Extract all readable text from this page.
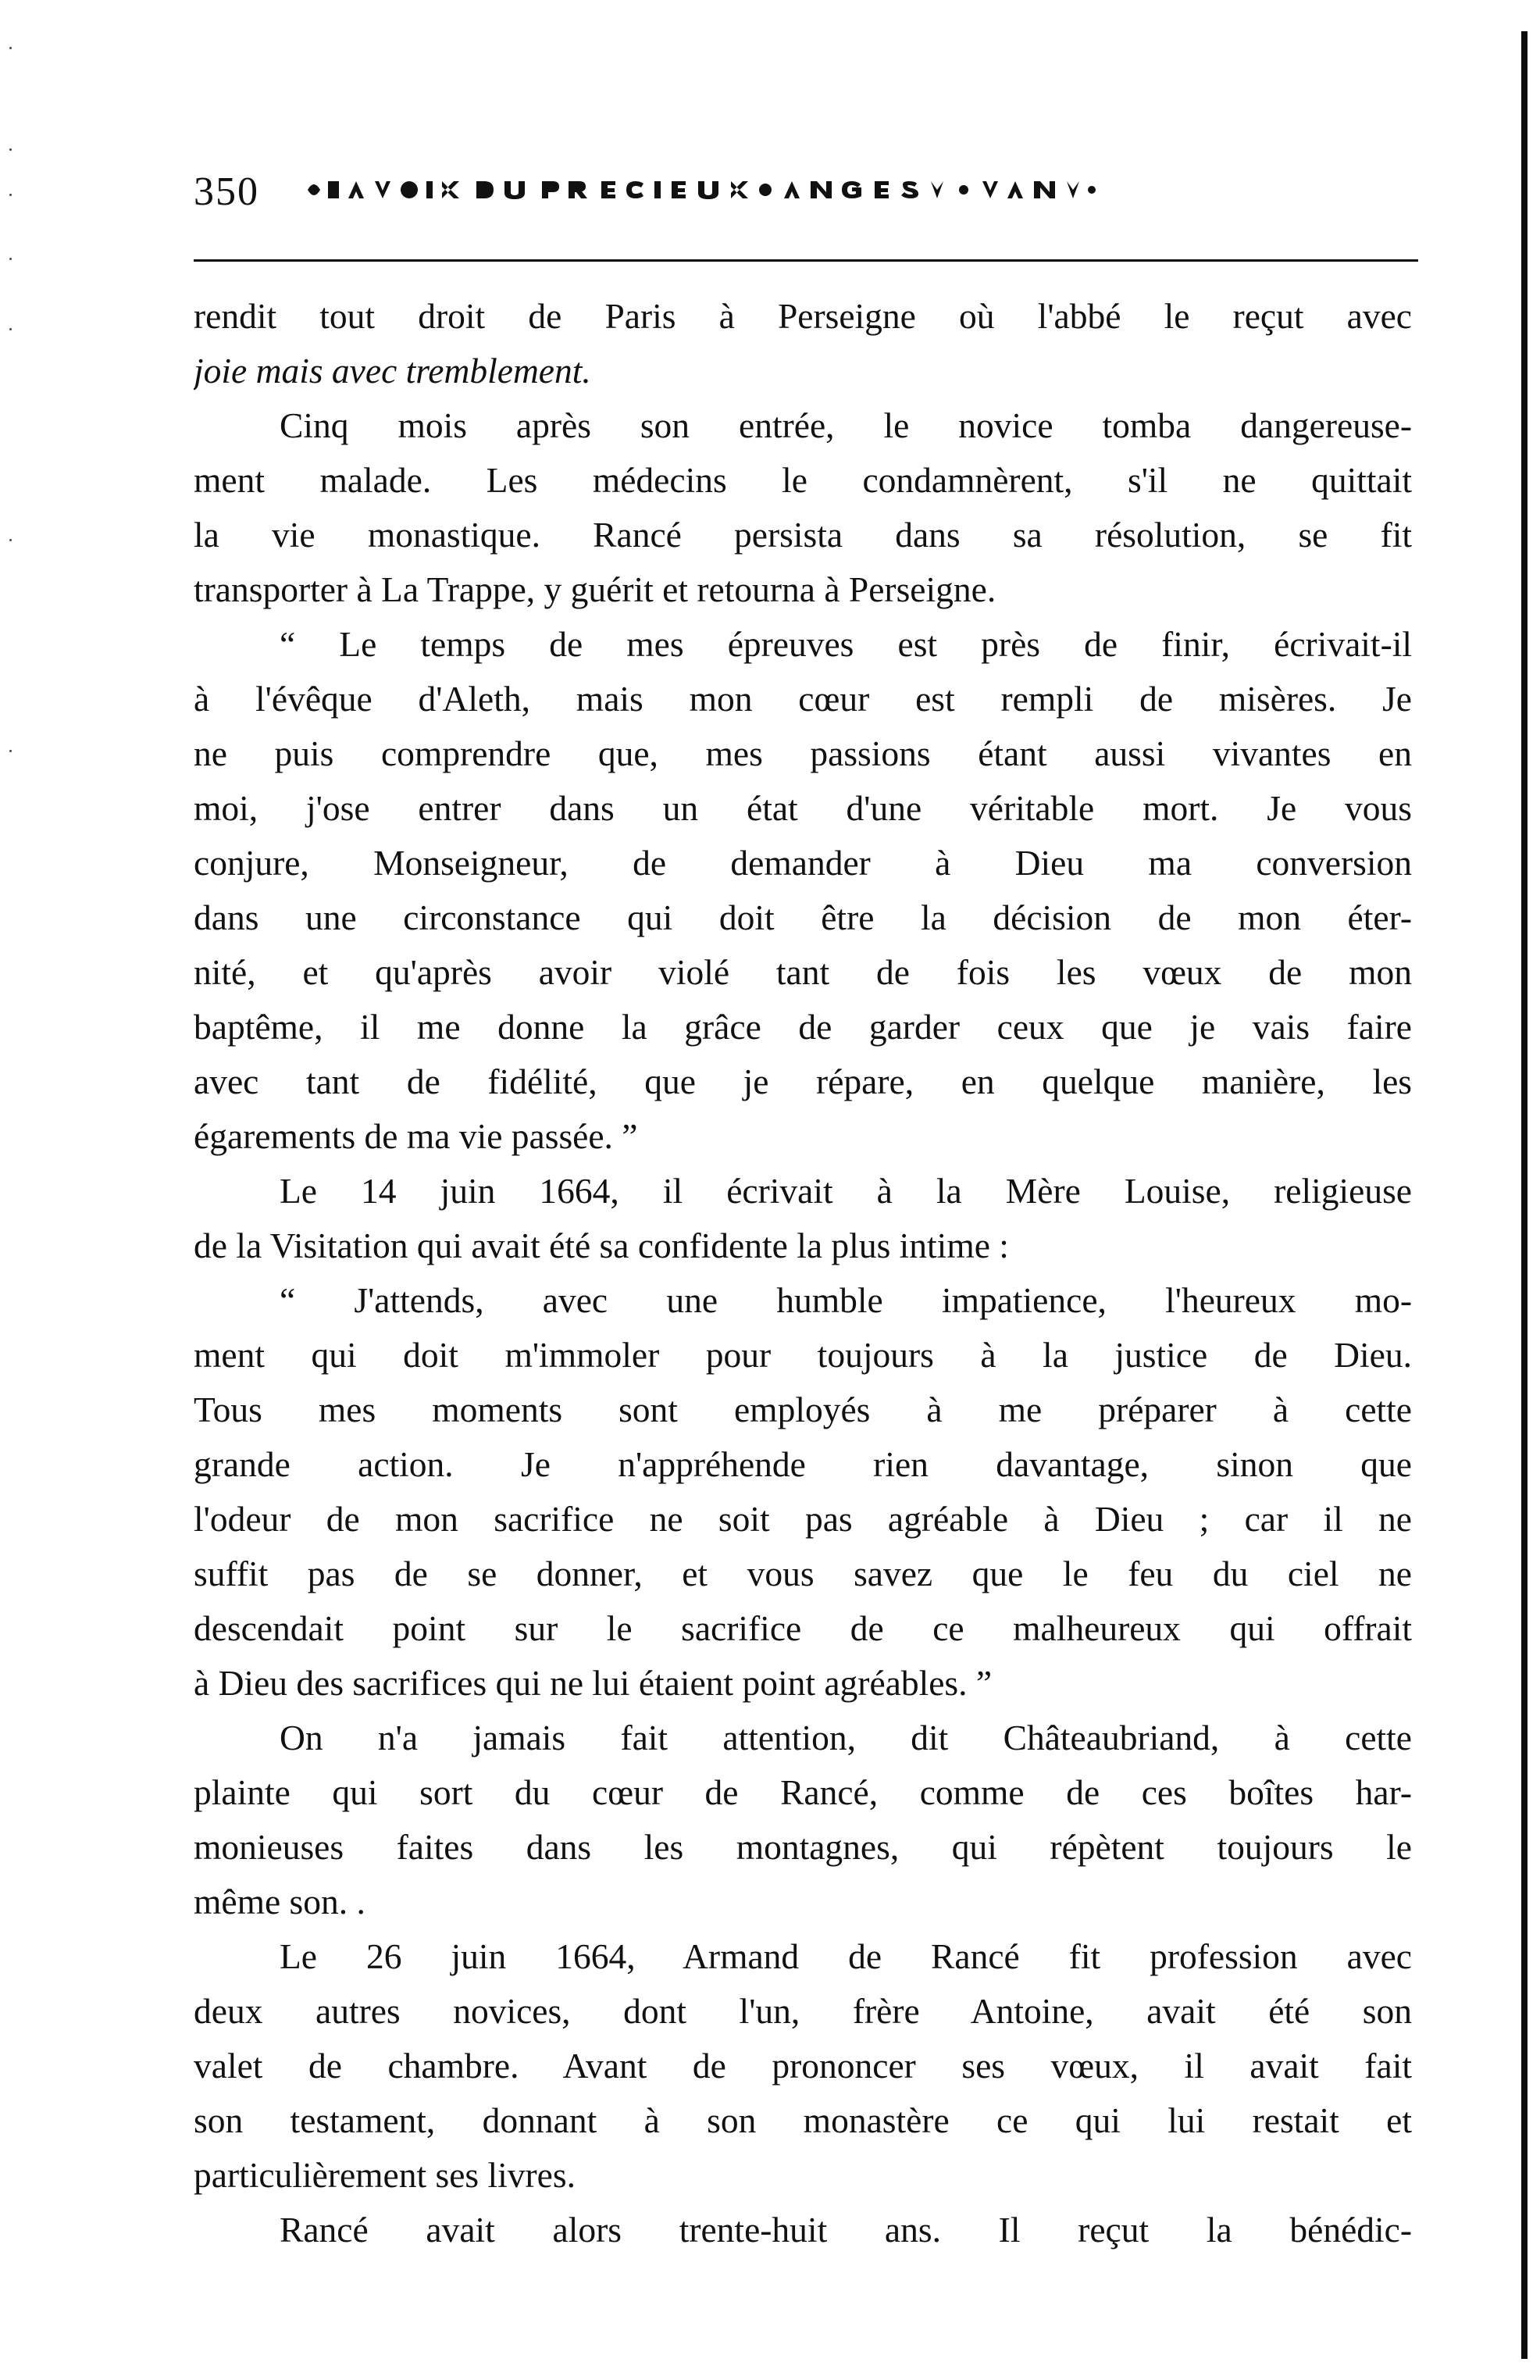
350
rendit tout droit de Paris à Perseigne où l'abbé le reçut avec
joie mais avec tremblement.
Cinq mois après son entrée, le novice tomba dangereuse-
ment malade. Les médecins le condamnèrent, s'il ne quittait
la vie monastique. Rancé persista dans sa résolution, se fit
transporter à La Trappe, y guérit et retourna à Perseigne.
“ Le temps de mes épreuves est près de finir, écrivait-il
à l'évêque d'Aleth, mais mon cœur est rempli de misères. Je
ne puis comprendre que, mes passions étant aussi vivantes en
moi, j'ose entrer dans un état d'une véritable mort. Je vous
conjure, Monseigneur, de demander à Dieu ma conversion
dans une circonstance qui doit être la décision de mon éter-
nité, et qu'après avoir violé tant de fois les vœux de mon
baptême, il me donne la grâce de garder ceux que je vais faire
avec tant de fidélité, que je répare, en quelque manière, les
égarements de ma vie passée. ”
Le 14 juin 1664, il écrivait à la Mère Louise, religieuse
de la Visitation qui avait été sa confidente la plus intime :
“ J'attends, avec une humble impatience, l'heureux mo-
ment qui doit m'immoler pour toujours à la justice de Dieu.
Tous mes moments sont employés à me préparer à cette
grande action. Je n'appréhende rien davantage, sinon que
l'odeur de mon sacrifice ne soit pas agréable à Dieu ; car il ne
suffit pas de se donner, et vous savez que le feu du ciel ne
descendait point sur le sacrifice de ce malheureux qui offrait
à Dieu des sacrifices qui ne lui étaient point agréables. ”
On n'a jamais fait attention, dit Châteaubriand, à cette
plainte qui sort du cœur de Rancé, comme de ces boîtes har-
monieuses faites dans les montagnes, qui répètent toujours le
même son. .
Le 26 juin 1664, Armand de Rancé fit profession avec
deux autres novices, dont l'un, frère Antoine, avait été son
valet de chambre. Avant de prononcer ses vœux, il avait fait
son testament, donnant à son monastère ce qui lui restait et
particulièrement ses livres.
Rancé avait alors trente-huit ans. Il reçut la bénédic-
